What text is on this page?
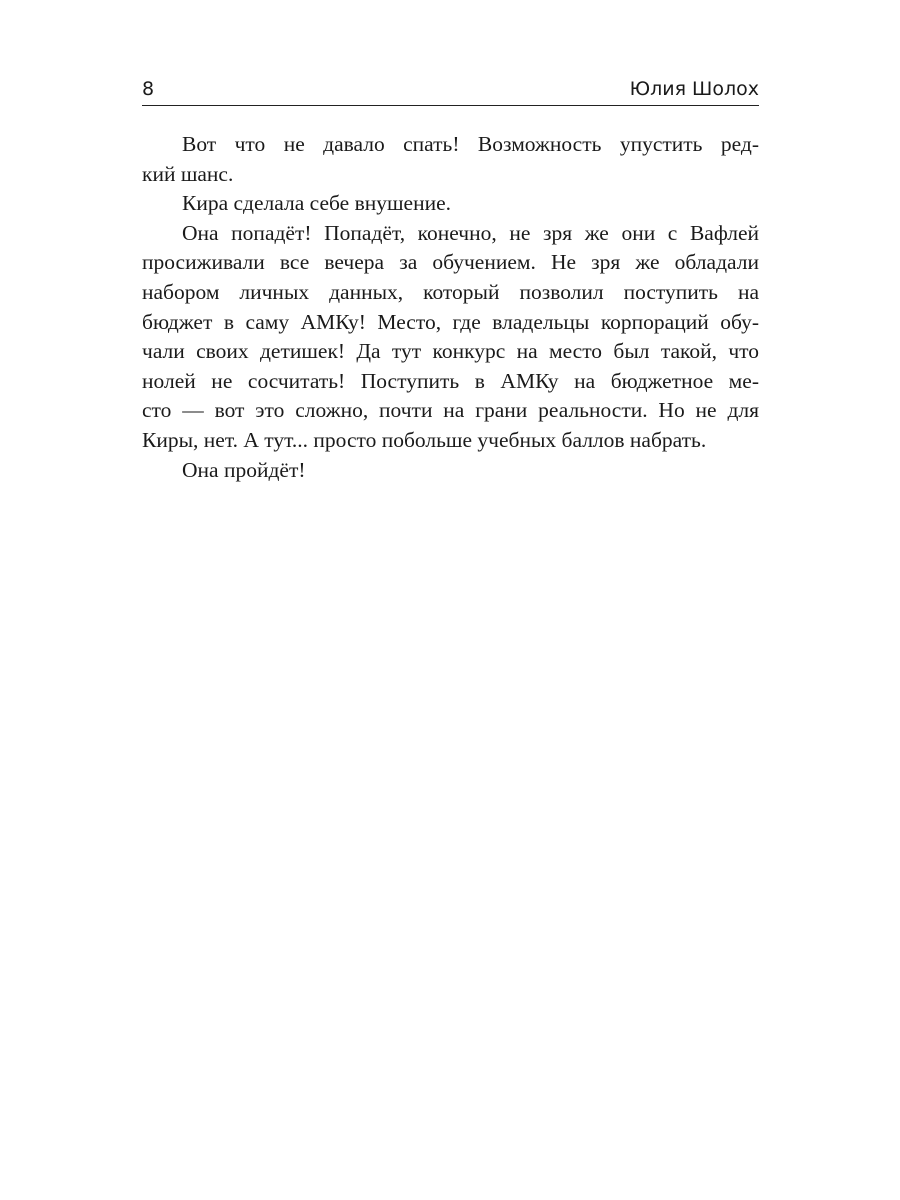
8	Юлия Шолох
Вот что не давало спать! Возможность упустить ред-
кий шанс.
Кира сделала себе внушение.
Она попадёт! Попадёт, конечно, не зря же они с Вафлей
просиживали все вечера за обучением. Не зря же обладали
набором личных данных, который позволил поступить на
бюджет в саму АМКу! Место, где владельцы корпораций обу-
чали своих детишек! Да тут конкурс на место был такой, что
нолей не сосчитать! Поступить в АМКу на бюджетное ме-
сто — вот это сложно, почти на грани реальности. Но не для
Киры, нет. А тут... просто побольше учебных баллов набрать.
Она пройдёт!
